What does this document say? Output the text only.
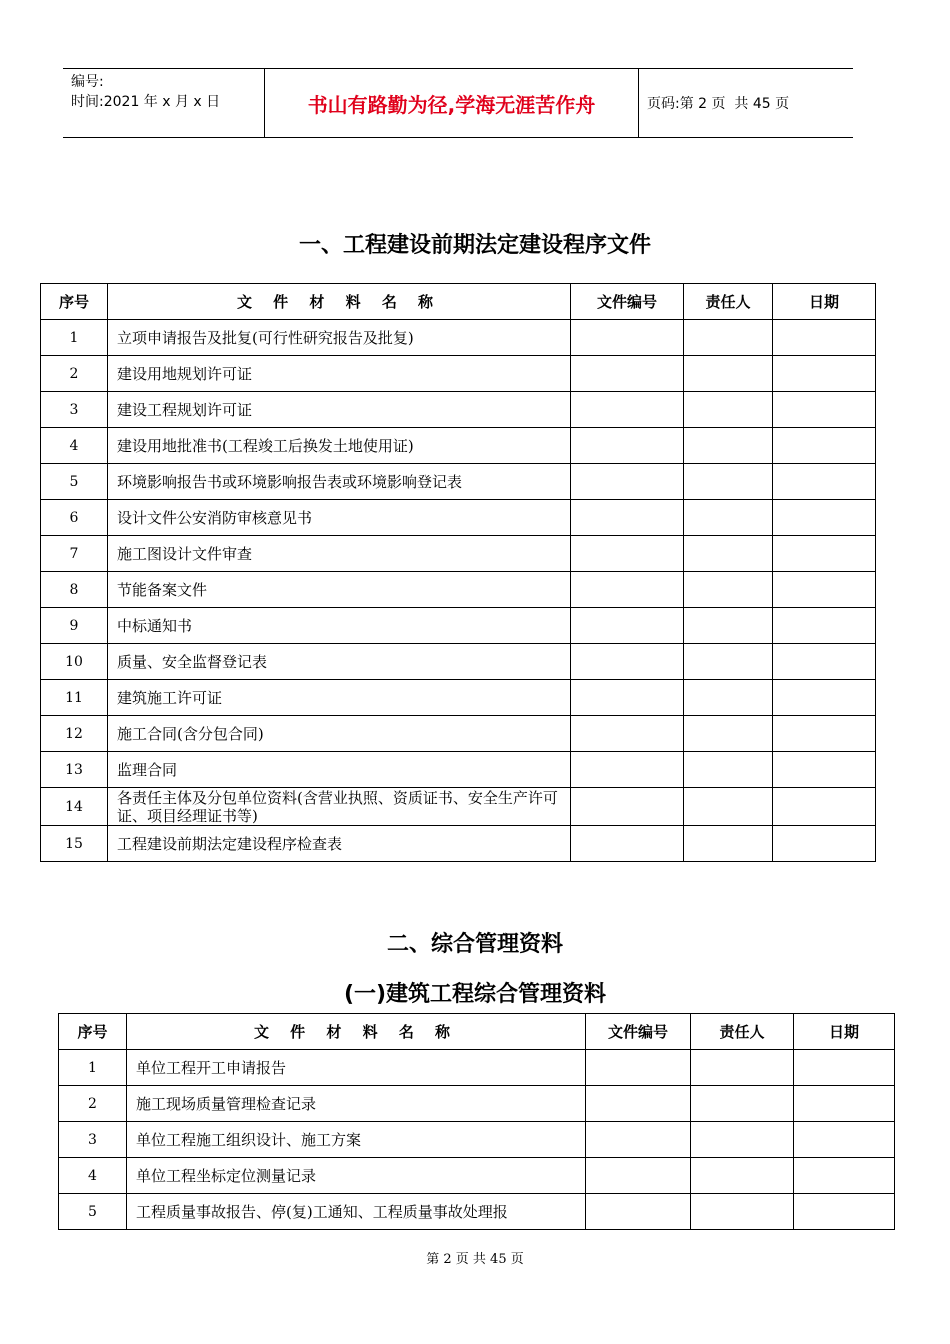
编号:
时间:2021 年 x 月 x 日	书山有路勤为径,学海无涯苦作舟	页码:第 2 页  共 45 页
一、工程建设前期法定建设程序文件
序号	文 件 材 料 名 称	文件编号	责任人	日期
1	立项申请报告及批复(可行性研究报告及批复)			
2	建设用地规划许可证			
3	建设工程规划许可证			
4	建设用地批准书(工程竣工后换发土地使用证)			
5	环境影响报告书或环境影响报告表或环境影响登记表			
6	设计文件公安消防审核意见书			
7	施工图设计文件审查			
8	节能备案文件			
9	中标通知书			
10	质量、安全监督登记表			
11	建筑施工许可证			
12	施工合同(含分包合同)			
13	监理合同			
14	各责任主体及分包单位资料(含营业执照、资质证书、安全生产许可证、项目经理证书等)			
15	工程建设前期法定建设程序检查表			
二、综合管理资料
(一)建筑工程综合管理资料
序号	文 件 材 料 名 称	文件编号	责任人	日期
1	单位工程开工申请报告			
2	施工现场质量管理检查记录			
3	单位工程施工组织设计、施工方案			
4	单位工程坐标定位测量记录			
5	工程质量事故报告、停(复)工通知、工程质量事故处理报			
第 2 页 共 45 页
